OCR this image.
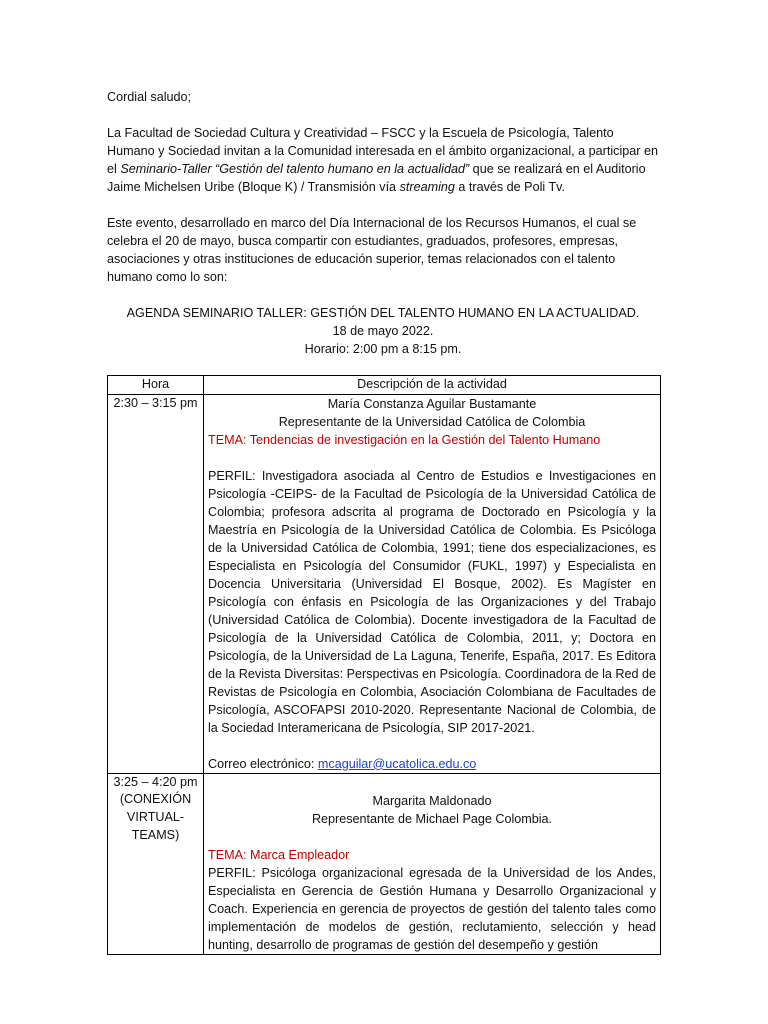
Cordial saludo;

La Facultad de Sociedad Cultura y Creatividad – FSCC y la Escuela de Psicología, Talento Humano y Sociedad invitan a la Comunidad interesada en el ámbito organizacional, a participar en el Seminario-Taller “Gestión del talento humano en la actualidad” que se realizará en el Auditorio Jaime Michelsen Uribe (Bloque K) / Transmisión vía streaming a través de Poli Tv.

Este evento, desarrollado en marco del Día Internacional de los Recursos Humanos, el cual se celebra el 20 de mayo, busca compartir con estudiantes, graduados, profesores, empresas, asociaciones y otras instituciones de educación superior, temas relacionados con el talento humano como lo son:

AGENDA SEMINARIO TALLER: GESTIÓN DEL TALENTO HUMANO EN LA ACTUALIDAD.

18 de mayo 2022.

Horario: 2:00 pm a 8:15 pm.

Hora	Descripción de la actividad
2:30 – 3:15 pm	María Constanza Aguilar Bustamante

Representante de la Universidad Católica de Colombia

TEMA: Tendencias de investigación en la Gestión del Talento Humano

PERFIL: Investigadora asociada al Centro de Estudios e Investigaciones en Psicología -CEIPS- de la Facultad de Psicología de la Universidad Católica de Colombia; profesora adscrita al programa de Doctorado en Psicología y la Maestría en Psicología de la Universidad Católica de Colombia. Es Psicóloga de la Universidad Católica de Colombia, 1991; tiene dos especializaciones, es Especialista en Psicología del Consumidor (FUKL, 1997) y Especialista en Docencia Universitaria (Universidad El Bosque, 2002). Es Magíster en Psicología con énfasis en Psicología de las Organizaciones y del Trabajo (Universidad Católica de Colombia). Docente investigadora de la Facultad de Psicología de la Universidad Católica de Colombia, 2011, y; Doctora en Psicología, de la Universidad de La Laguna, Tenerife, España, 2017. Es Editora de la Revista Diversitas: Perspectivas en Psicología. Coordinadora de la Red de Revistas de Psicología en Colombia, Asociación Colombiana de Facultades de Psicología, ASCOFAPSI 2010-2020. Representante Nacional de Colombia, de la Sociedad Interamericana de Psicología, SIP 2017-2021.

Correo electrónico: mcaguilar@ucatolica.edu.co

3:25 – 4:20 pm (CONEXIÓN VIRTUAL-TEAMS)	Margarita Maldonado

Representante de Michael Page Colombia.

TEMA: Marca Empleador

PERFIL: Psicóloga organizacional egresada de la Universidad de los Andes, Especialista en Gerencia de Gestión Humana y Desarrollo Organizacional y Coach. Experiencia en gerencia de proyectos de gestión del talento tales como implementación de modelos de gestión, reclutamiento, selección y head hunting, desarrollo de programas de gestión del desempeño y gestión
